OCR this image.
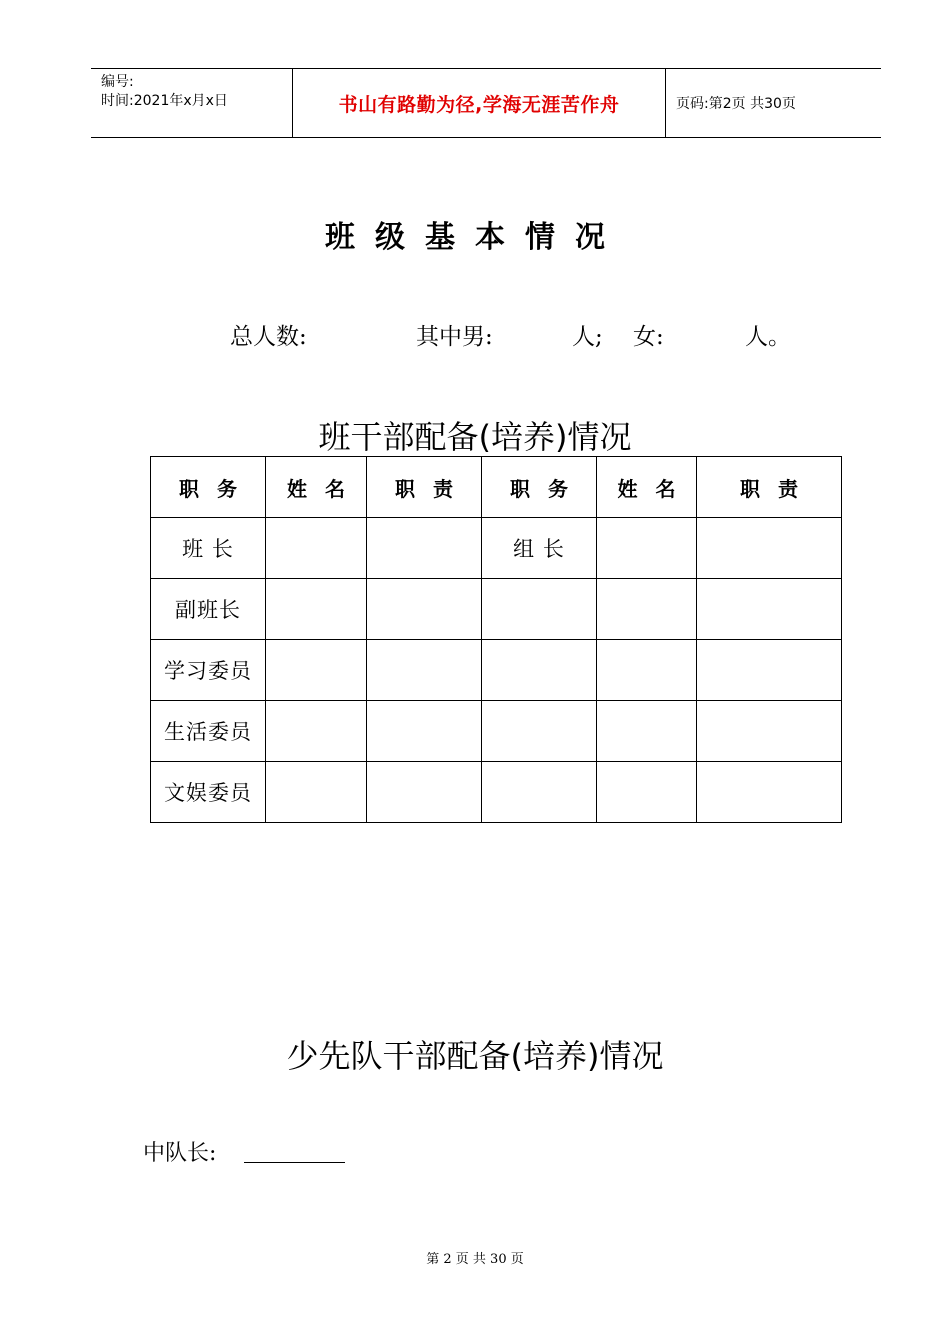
编号:
时间:2021年x月x日	书山有路勤为径,学海无涯苦作舟	页码:第2页 共30页
班级基本情况
总人数:	其中男:	人; 女:	人。
班干部配备(培养)情况
职务	姓名	职责	职务	姓名	职责
班 长			组 长		
副班长					
学习委员					
生活委员					
文娱委员					
少先队干部配备(培养)情况
中队长:
第 2 页 共 30 页
